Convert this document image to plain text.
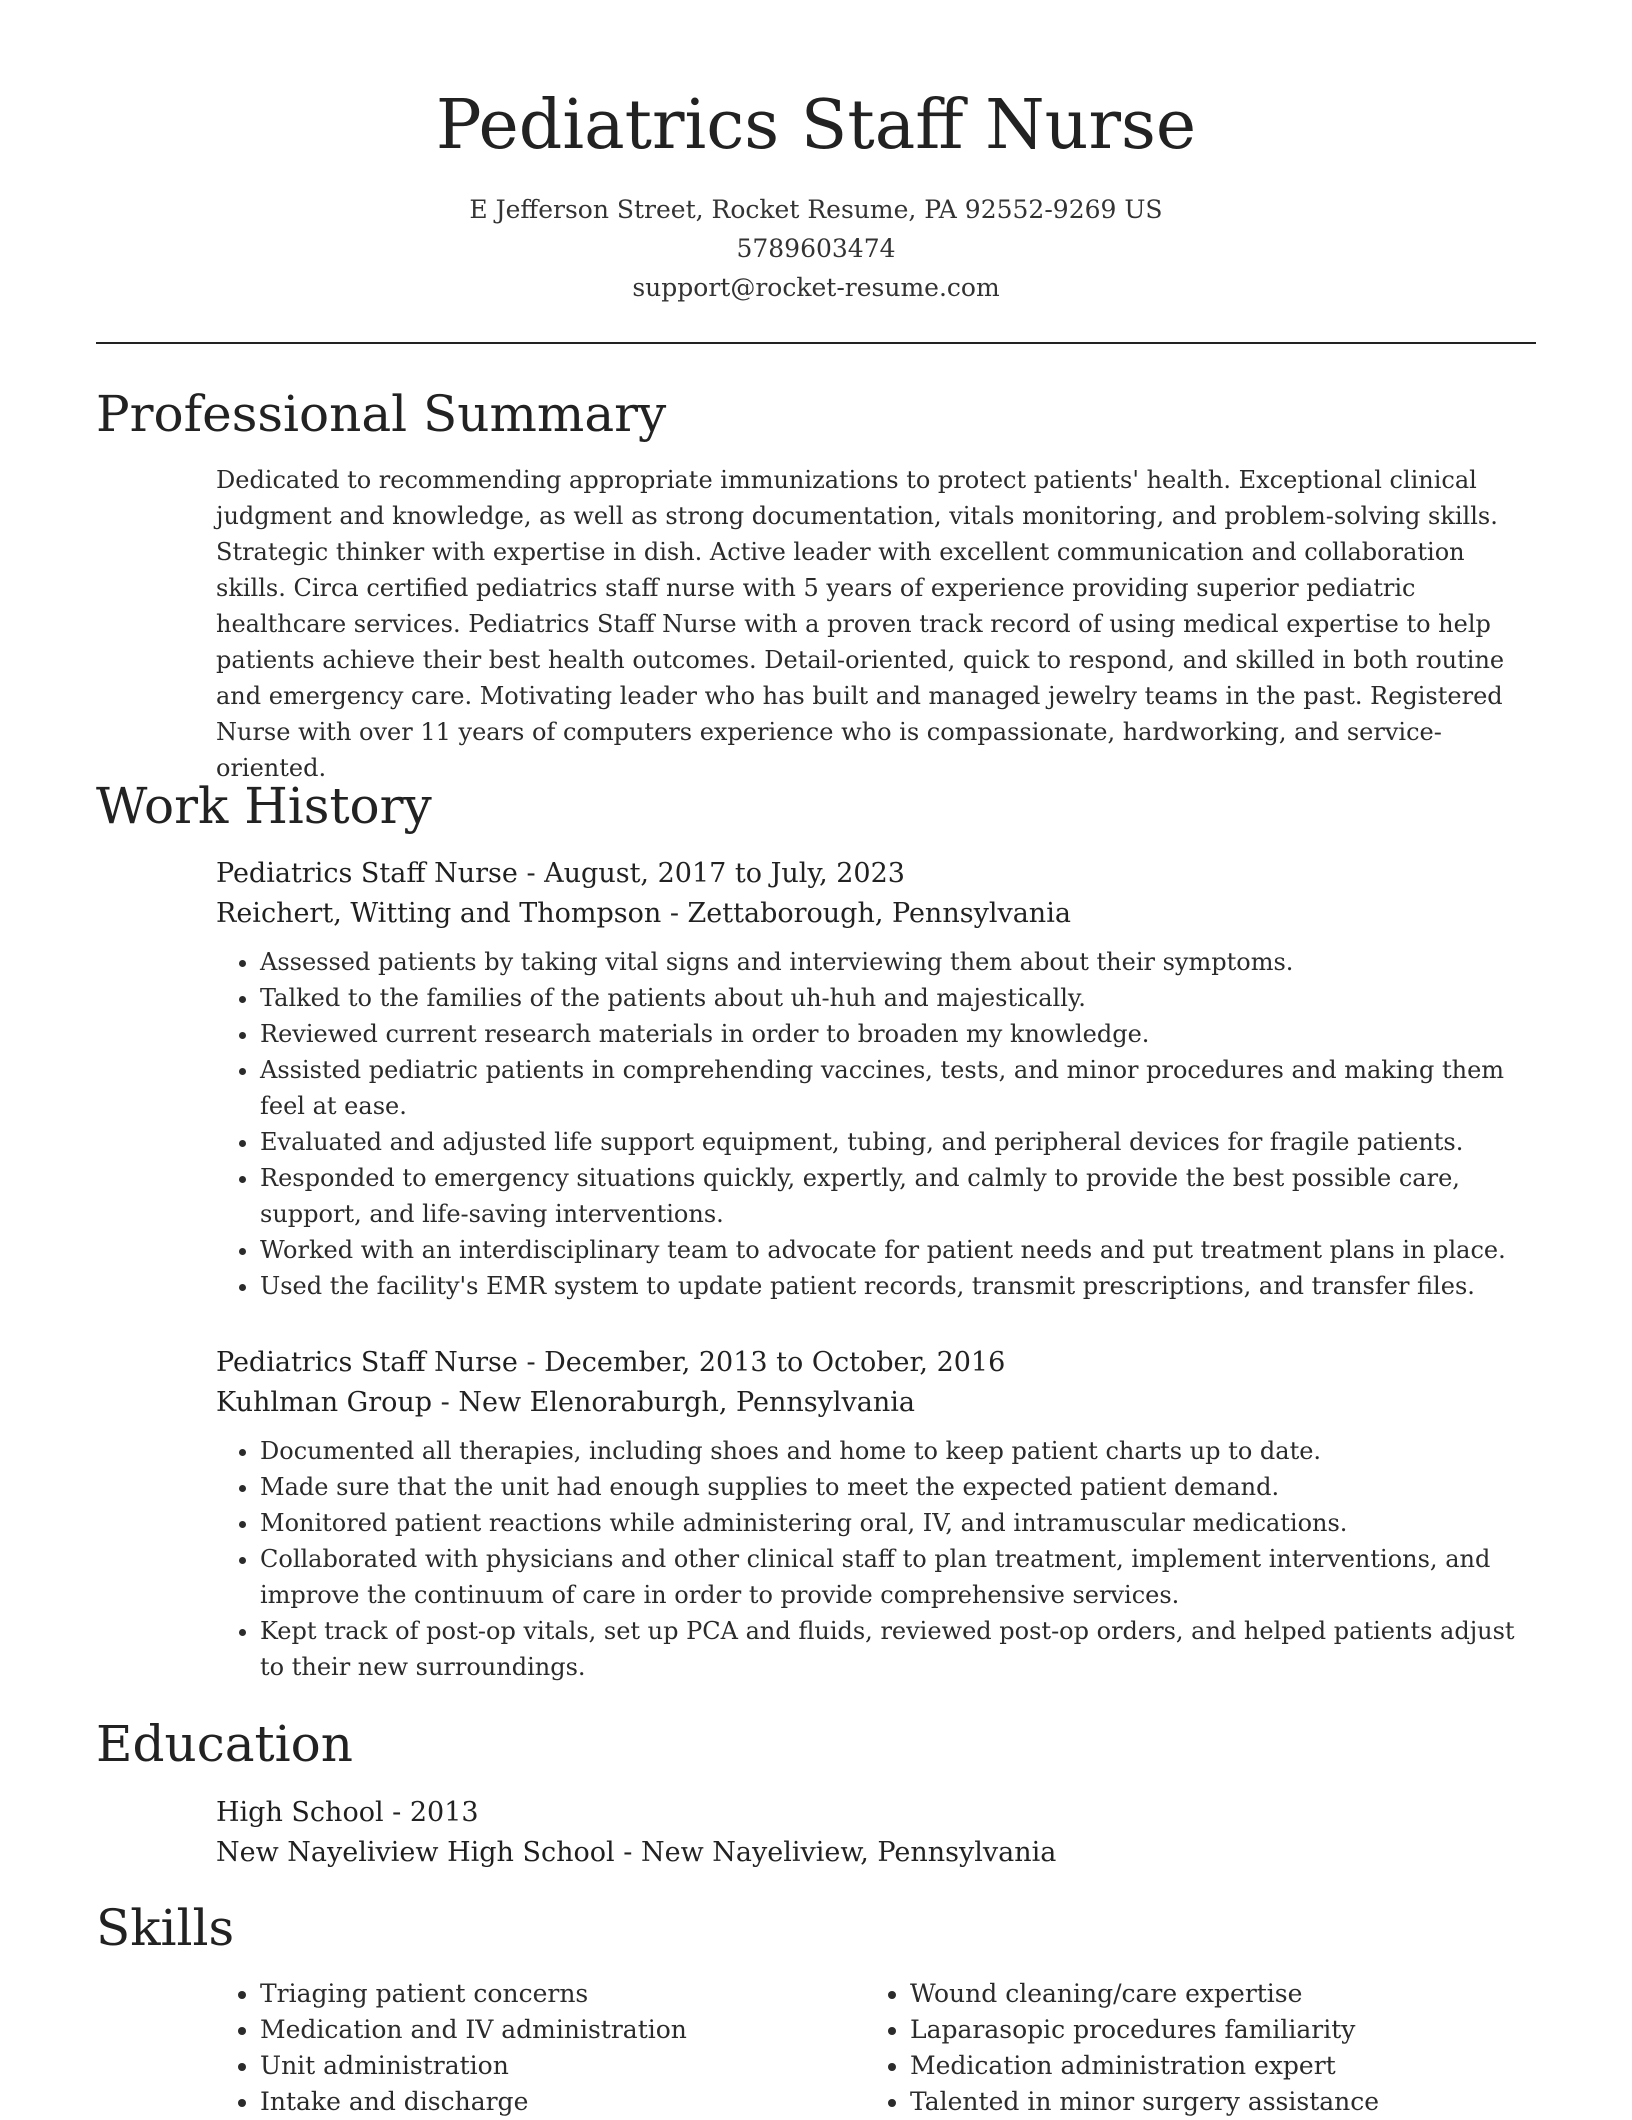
Pediatrics Staff Nurse
E Jefferson Street, Rocket Resume, PA 92552-9269 US
5789603474
support@rocket-resume.com
Professional Summary
Dedicated to recommending appropriate immunizations to protect patients' health. Exceptional clinical judgment and knowledge, as well as strong documentation, vitals monitoring, and problem-solving skills. Strategic thinker with expertise in dish. Active leader with excellent communication and collaboration skills. Circa certified pediatrics staff nurse with 5 years of experience providing superior pediatric healthcare services. Pediatrics Staff Nurse with a proven track record of using medical expertise to help patients achieve their best health outcomes. Detail-oriented, quick to respond, and skilled in both routine and emergency care. Motivating leader who has built and managed jewelry teams in the past. Registered Nurse with over 11 years of computers experience who is compassionate, hardworking, and service-oriented.
Work History
Pediatrics Staff Nurse - August, 2017 to July, 2023
Reichert, Witting and Thompson - Zettaborough, Pennsylvania
• Assessed patients by taking vital signs and interviewing them about their symptoms.
• Talked to the families of the patients about uh-huh and majestically.
• Reviewed current research materials in order to broaden my knowledge.
• Assisted pediatric patients in comprehending vaccines, tests, and minor procedures and making them feel at ease.
• Evaluated and adjusted life support equipment, tubing, and peripheral devices for fragile patients.
• Responded to emergency situations quickly, expertly, and calmly to provide the best possible care, support, and life-saving interventions.
• Worked with an interdisciplinary team to advocate for patient needs and put treatment plans in place.
• Used the facility's EMR system to update patient records, transmit prescriptions, and transfer files.
Pediatrics Staff Nurse - December, 2013 to October, 2016
Kuhlman Group - New Elenoraburgh, Pennsylvania
• Documented all therapies, including shoes and home to keep patient charts up to date.
• Made sure that the unit had enough supplies to meet the expected patient demand.
• Monitored patient reactions while administering oral, IV, and intramuscular medications.
• Collaborated with physicians and other clinical staff to plan treatment, implement interventions, and improve the continuum of care in order to provide comprehensive services.
• Kept track of post-op vitals, set up PCA and fluids, reviewed post-op orders, and helped patients adjust to their new surroundings.
Education
High School - 2013
New Nayeliview High School - New Nayeliview, Pennsylvania
Skills
• Triaging patient concerns
• Medication and IV administration
• Unit administration
• Intake and discharge
• Wound cleaning/care expertise
• Laparasopic procedures familiarity
• Medication administration expert
• Talented in minor surgery assistance
